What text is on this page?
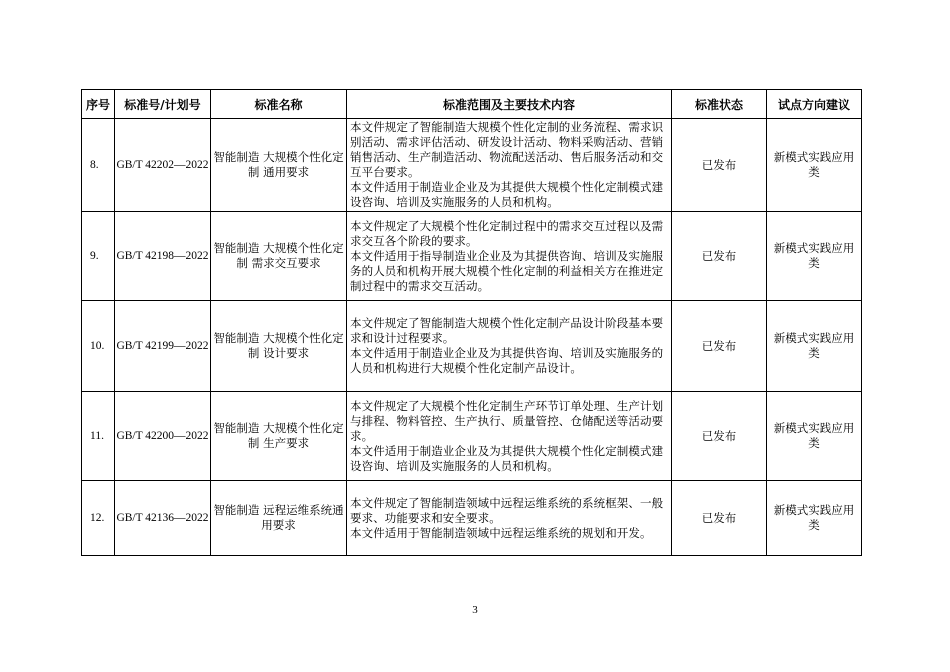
序号	标准号/计划号	标准名称	标准范围及主要技术内容	标准状态	试点方向建议
8.	GB/T 42202—2022	智能制造 大规模个性化定制 通用要求	本文件规定了智能制造大规模个性化定制的业务流程、需求识别活动、需求评估活动、研发设计活动、物料采购活动、营销销售活动、生产制造活动、物流配送活动、售后服务活动和交互平台要求。

本文件适用于制造业企业及为其提供大规模个性化定制模式建设咨询、培训及实施服务的人员和机构。	已发布	新模式实践应用类
9.	GB/T 42198—2022	智能制造 大规模个性化定制 需求交互要求	本文件规定了大规模个性化定制过程中的需求交互过程以及需求交互各个阶段的要求。

本文件适用于指导制造业企业及为其提供咨询、培训及实施服务的人员和机构开展大规模个性化定制的利益相关方在推进定制过程中的需求交互活动。	已发布	新模式实践应用类
10.	GB/T 42199—2022	智能制造 大规模个性化定制 设计要求	本文件规定了智能制造大规模个性化定制产品设计阶段基本要求和设计过程要求。

本文件适用于制造业企业及为其提供咨询、培训及实施服务的人员和机构进行大规模个性化定制产品设计。	已发布	新模式实践应用类
11.	GB/T 42200—2022	智能制造 大规模个性化定制 生产要求	本文件规定了大规模个性化定制生产环节订单处理、生产计划与排程、物料管控、生产执行、质量管控、仓储配送等活动要求。

本文件适用于制造业企业及为其提供大规模个性化定制模式建设咨询、培训及实施服务的人员和机构。	已发布	新模式实践应用类
12.	GB/T 42136—2022	智能制造 远程运维系统通用要求	本文件规定了智能制造领域中远程运维系统的系统框架、一般要求、功能要求和安全要求。

本文件适用于智能制造领域中远程运维系统的规划和开发。	已发布	新模式实践应用类
3
